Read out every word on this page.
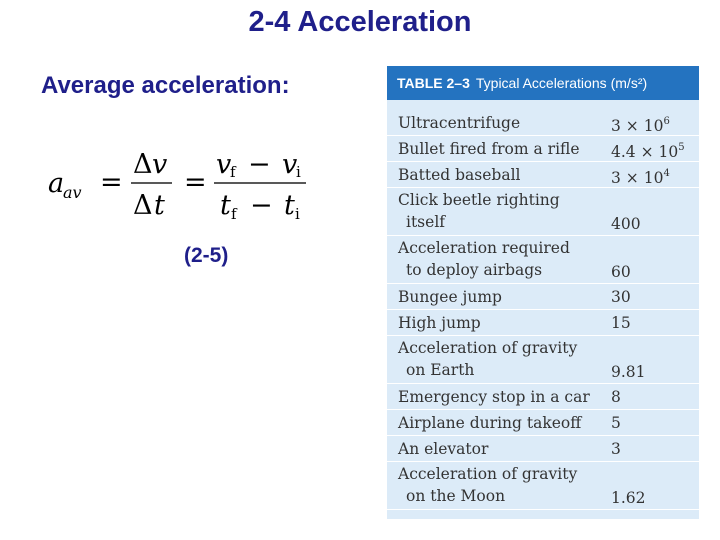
2-4 Acceleration
Average acceleration:
a
av =
Δ v
Δ t
=
v
f − v
i
t f − t i
(2-5)
TABLE 2–3 Typical Accelerations (m/s²)
Ultracentrifuge	$3 \times 10^6$
Bullet fired from a rifle	$4.4 \times 10^5$
Batted baseball	$3 \times 10^4$
Click beetle righting
itself	400
Acceleration required
to deploy airbags	60
Bungee jump	30
High jump	15
Acceleration of gravity
on Earth	9.81
Emergency stop in a car	8
Airplane during takeoff	5
An elevator	3
Acceleration of gravity
on the Moon	1.62
